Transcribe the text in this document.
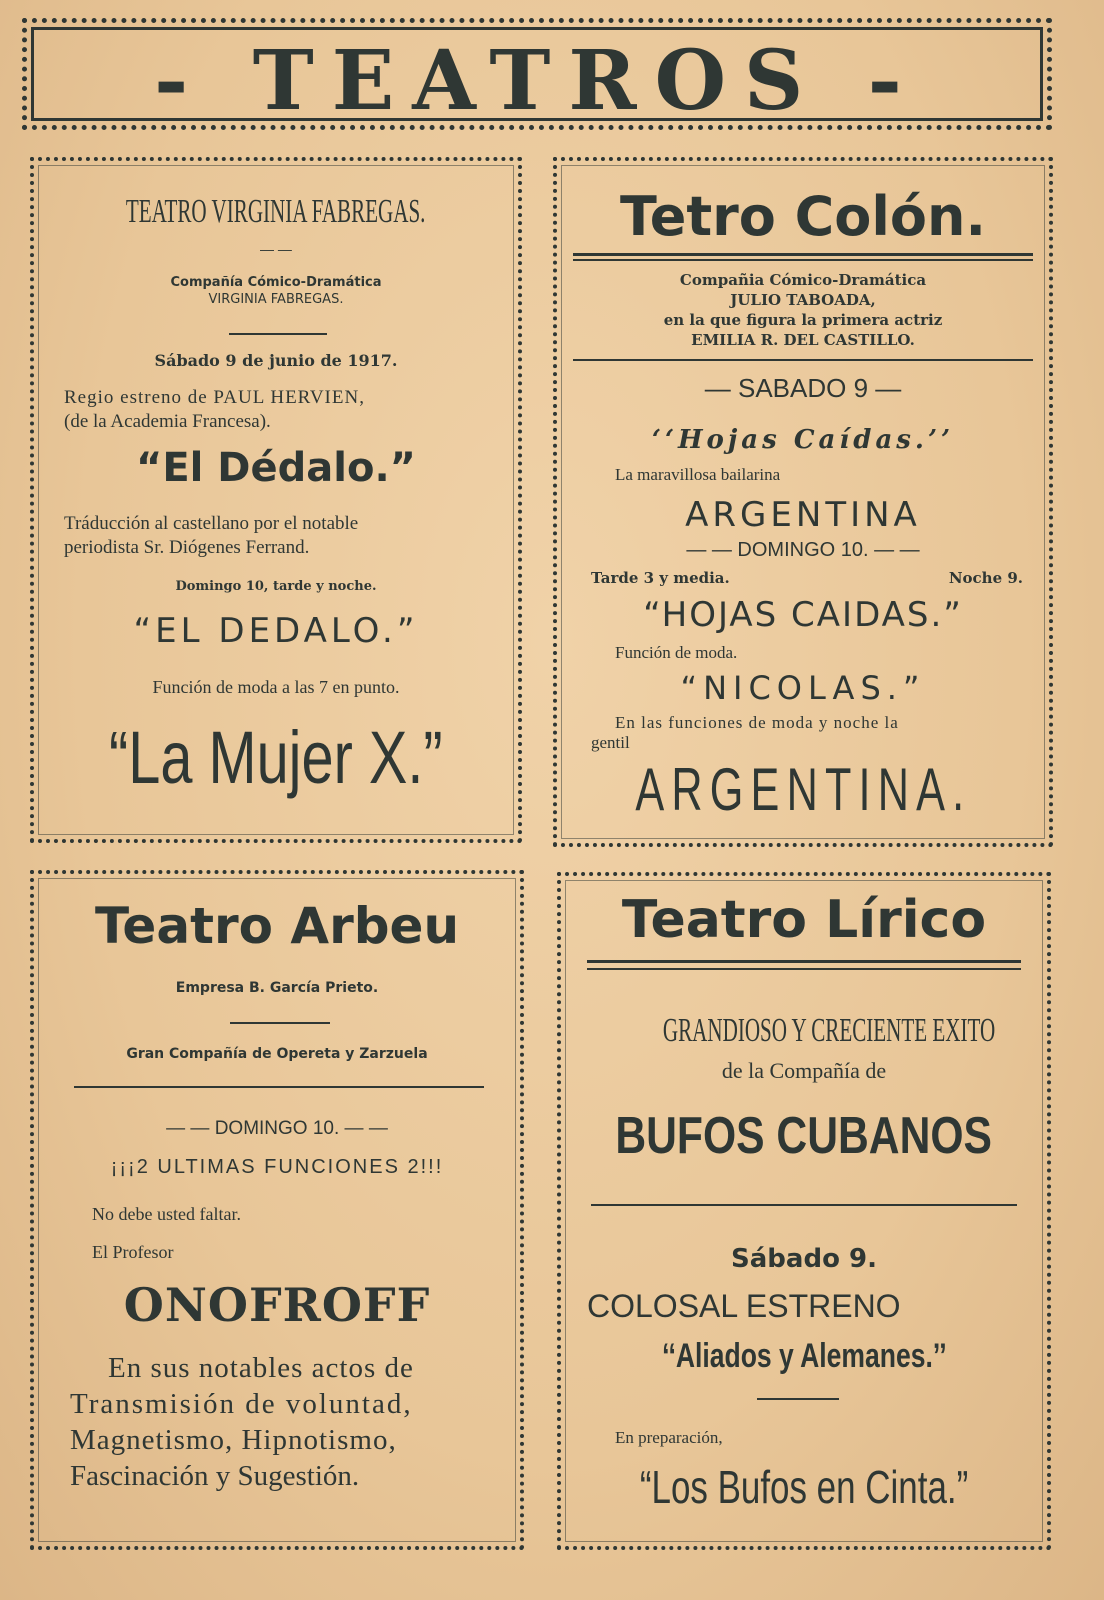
- TEATROS -
TEATRO VIRGINIA FABREGAS.
— —
Compañía Cómico-Dramática
VIRGINIA FABREGAS.
Sábado 9 de junio de 1917.
Regio estreno de PAUL HERVIEN,
(de la Academia Francesa).
“El Dédalo.”
Tráducción al castellano por el notable
periodista Sr. Diógenes Ferrand.
Domingo 10, tarde y noche.
“EL DEDALO.”
Función de moda a las 7 en punto.
“La Mujer X.”
Tetro Colón.
Compañia Cómico-Dramática
JULIO TABOADA,
en la que figura la primera actriz
EMILIA R. DEL CASTILLO.
— SABADO 9 —
‘‘Hojas Caídas.’’
La maravillosa bailarina
ARGENTINA
— — DOMINGO 10. — —
Tarde 3 y media.	Noche 9.
“HOJAS CAIDAS.”
Función de moda.
“NICOLAS.”
En las funciones de moda y noche la
gentil
ARGENTINA.
Teatro Arbeu
Empresa B. García Prieto.
Gran Compañía de Opereta y Zarzuela
— — DOMINGO 10. — —
¡¡¡2 ULTIMAS FUNCIONES 2!!!
No debe usted faltar.
El Profesor
ONOFROFF
En sus notables actos de
Transmisión de voluntad,
Magnetismo, Hipnotismo,
Fascinación y Sugestión.
Teatro Lírico
GRANDIOSO Y CRECIENTE EXITO
de la Compañía de
BUFOS CUBANOS
Sábado 9.
COLOSAL ESTRENO
‘‘Aliados y Alemanes.’’
En preparación,
“Los Bufos en Cinta.”
